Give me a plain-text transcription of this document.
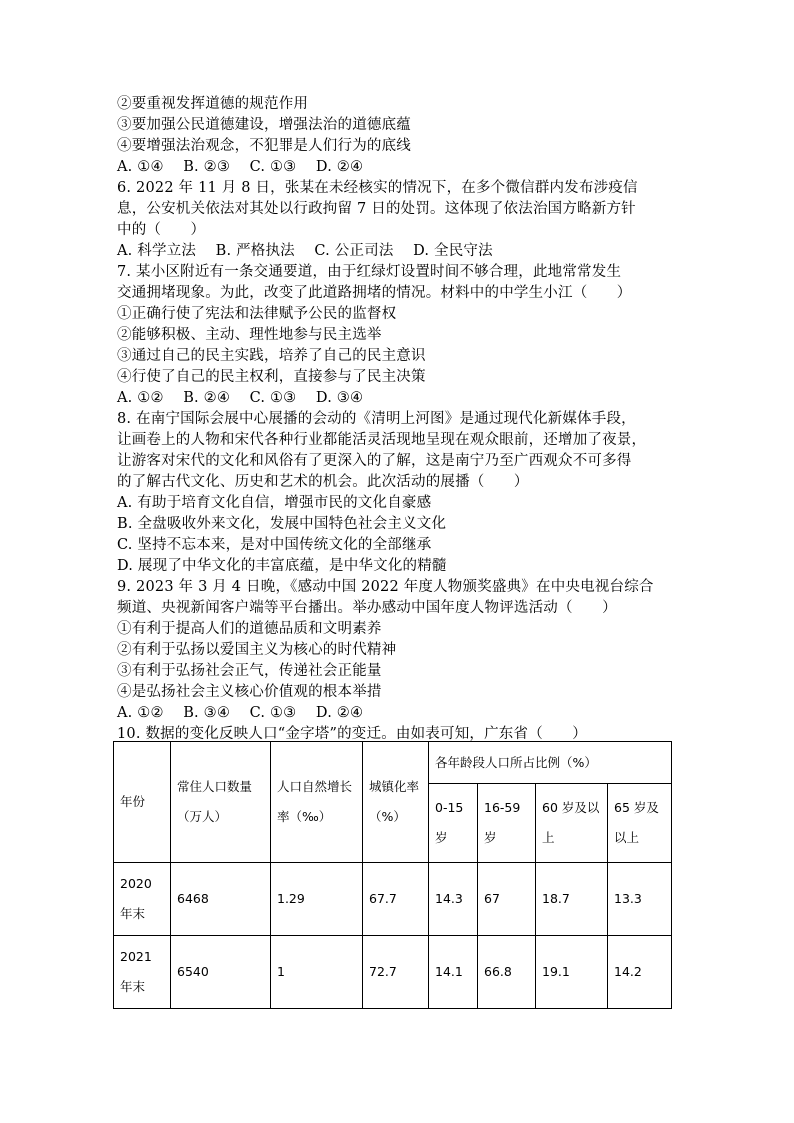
②要重视发挥道德的规范作用
③要加强公民道德建设，增强法治的道德底蕴
④要增强法治观念，不犯罪是人们行为的底线
A. ①④　 B. ②③　 C. ①③　 D. ②④
6. 2022 年 11 月 8 日，张某在未经核实的情况下，在多个微信群内发布涉疫信
息，公安机关依法对其处以行政拘留 7 日的处罚。这体现了依法治国方略新方针
中的（　　）
A. 科学立法　 B. 严格执法　 C. 公正司法　 D. 全民守法
7. 某小区附近有一条交通要道，由于红绿灯设置时间不够合理，此地常常发生
交通拥堵现象。为此，改变了此道路拥堵的情况。材料中的中学生小江（　　）
①正确行使了宪法和法律赋予公民的监督权
②能够积极、主动、理性地参与民主选举
③通过自己的民主实践，培养了自己的民主意识
④行使了自己的民主权利，直接参与了民主决策
A. ①②　 B. ②④　 C. ①③　 D. ③④
8. 在南宁国际会展中心展播的会动的《清明上河图》是通过现代化新媒体手段，
让画卷上的人物和宋代各种行业都能活灵活现地呈现在观众眼前，还增加了夜景，
让游客对宋代的文化和风俗有了更深入的了解，这是南宁乃至广西观众不可多得
的了解古代文化、历史和艺术的机会。此次活动的展播（　　）
A. 有助于培育文化自信，增强市民的文化自豪感
B. 全盘吸收外来文化，发展中国特色社会主义文化
C. 坚持不忘本来，是对中国传统文化的全部继承
D. 展现了中华文化的丰富底蕴，是中华文化的精髓
9. 2023 年 3 月 4 日晚，《感动中国 2022 年度人物颁奖盛典》在中央电视台综合
频道、央视新闻客户端等平台播出。举办感动中国年度人物评选活动（　　）
①有利于提高人们的道德品质和文明素养
②有利于弘扬以爱国主义为核心的时代精神
③有利于弘扬社会正气，传递社会正能量
④是弘扬社会主义核心价值观的根本举措
A. ①②　 B. ③④　 C. ①③　 D. ②④
10. 数据的变化反映人口“金字塔”的变迁。由如表可知，广东省（　　）
年份	常住人口数量（万人）	人口自然增长率（‰）	城镇化率（%）	各年龄段人口所占比例（%）			
				0-15 岁	16-59 岁	60 岁及以上	65 岁及以上
2020 年末	6468	1.29	67.7	14.3	67	18.7	13.3
2021 年末	6540	1	72.7	14.1	66.8	19.1	14.2
